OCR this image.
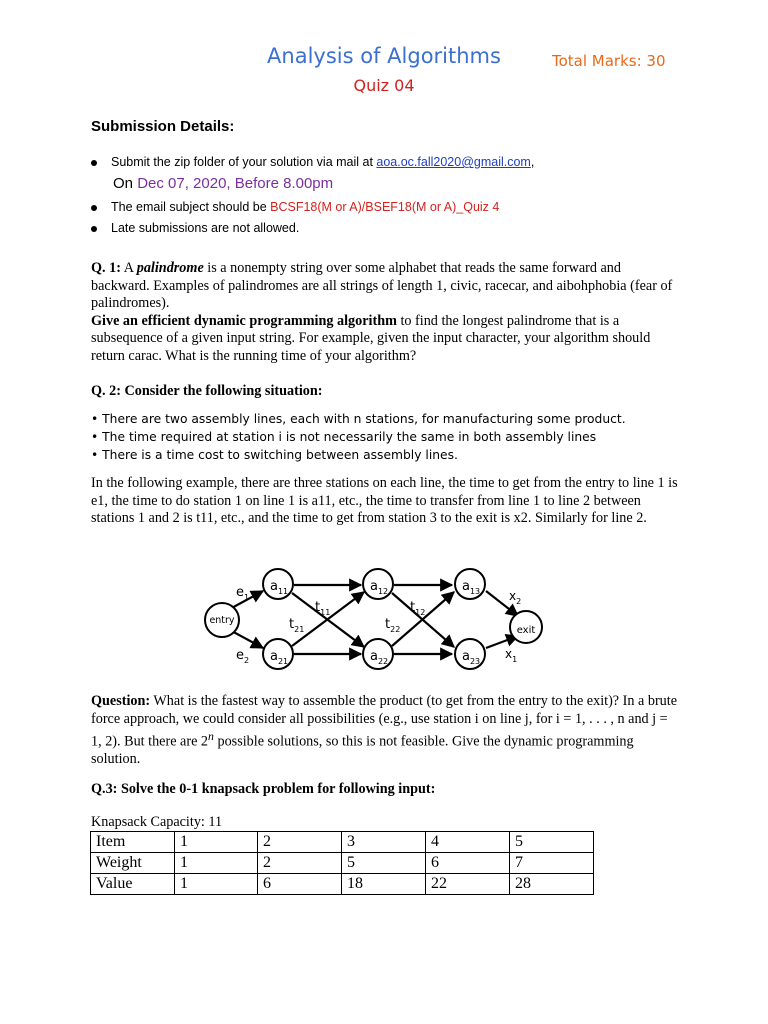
Analysis of Algorithms	Total Marks: 30
Quiz 04
Submission Details:
Submit the zip folder of your solution via mail at aoa.oc.fall2020@gmail.com,
On Dec 07, 2020, Before 8.00pm
The email subject should be BCSF18(M or A)/BSEF18(M or A)_Quiz 4
Late submissions are not allowed.
Q. 1: A palindrome is a nonempty string over some alphabet that reads the same forward and backward. Examples of palindromes are all strings of length 1, civic, racecar, and aibohphobia (fear of palindromes).
Give an efficient dynamic programming algorithm to find the longest palindrome that is a subsequence of a given input string. For example, given the input character, your algorithm should return carac. What is the running time of your algorithm?
Q. 2: Consider the following situation:
• There are two assembly lines, each with n stations, for manufacturing some product.
• The time required at station i is not necessarily the same in both assembly lines
• There is a time cost to switching between assembly lines.
In the following example, there are three stations on each line, the time to get from the entry to line 1 is e1, the time to do station 1 on line 1 is a11, etc., the time to transfer from line 1 to line 2 between stations 1 and 2 is t11, etc., and the time to get from station 3 to the exit is x2. Similarly for line 2.
entry
exit
$a_{11}$	$a_{12}$	$a_{13}$
$a_{21}$	$a_{22}$	$a_{23}$
$e_1$
$e_2$
$t_{11}$
$t_{21}$
$t_{12}$
$t_{22}$
$x_2$
$x_1$
Question: What is the fastest way to assemble the product (to get from the entry to the exit)? In a brute force approach, we could consider all possibilities (e.g., use station i on line j, for i = 1, . . . , n and j = 1, 2). But there are 2$^n$ possible solutions, so this is not feasible. Give the dynamic programming solution.
Q.3: Solve the 0-1 knapsack problem for following input:
Knapsack Capacity: 11
Item	1	2	3	4	5
Weight	1	2	5	6	7
Value	1	6	18	22	28
